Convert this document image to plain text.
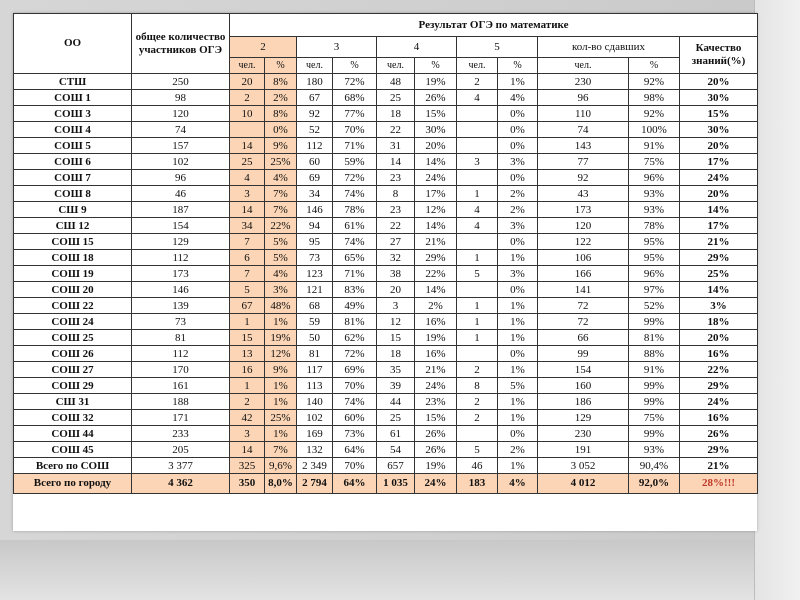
ОО	общее количество участников ОГЭ	Результат ОГЭ по математике										
		2		3		4		5		кол-во сдавших		Качество знаний(%)
		чел.	%	чел.	%	чел.	%	чел.	%	чел.	%	
СТШ	250	20	8%	180	72%	48	19%	2	1%	230	92%	20%
СОШ 1	98	2	2%	67	68%	25	26%	4	4%	96	98%	30%
СОШ 3	120	10	8%	92	77%	18	15%		0%	110	92%	15%
СОШ 4	74		0%	52	70%	22	30%		0%	74	100%	30%
СОШ 5	157	14	9%	112	71%	31	20%		0%	143	91%	20%
СОШ 6	102	25	25%	60	59%	14	14%	3	3%	77	75%	17%
СОШ 7	96	4	4%	69	72%	23	24%		0%	92	96%	24%
СОШ 8	46	3	7%	34	74%	8	17%	1	2%	43	93%	20%
СШ 9	187	14	7%	146	78%	23	12%	4	2%	173	93%	14%
СШ 12	154	34	22%	94	61%	22	14%	4	3%	120	78%	17%
СОШ 15	129	7	5%	95	74%	27	21%		0%	122	95%	21%
СОШ 18	112	6	5%	73	65%	32	29%	1	1%	106	95%	29%
СОШ 19	173	7	4%	123	71%	38	22%	5	3%	166	96%	25%
СОШ 20	146	5	3%	121	83%	20	14%		0%	141	97%	14%
СОШ 22	139	67	48%	68	49%	3	2%	1	1%	72	52%	3%
СОШ 24	73	1	1%	59	81%	12	16%	1	1%	72	99%	18%
СОШ 25	81	15	19%	50	62%	15	19%	1	1%	66	81%	20%
СОШ 26	112	13	12%	81	72%	18	16%		0%	99	88%	16%
СОШ 27	170	16	9%	117	69%	35	21%	2	1%	154	91%	22%
СОШ 29	161	1	1%	113	70%	39	24%	8	5%	160	99%	29%
СШ 31	188	2	1%	140	74%	44	23%	2	1%	186	99%	24%
СОШ 32	171	42	25%	102	60%	25	15%	2	1%	129	75%	16%
СОШ 44	233	3	1%	169	73%	61	26%		0%	230	99%	26%
СОШ 45	205	14	7%	132	64%	54	26%	5	2%	191	93%	29%
Всего по СОШ	3 377	325	9,6%	2 349	70%	657	19%	46	1%	3 052	90,4%	21%
Всего по городу	4 362	350	8,0%	2 794	64%	1 035	24%	183	4%	4 012	92,0%	28%!!!
